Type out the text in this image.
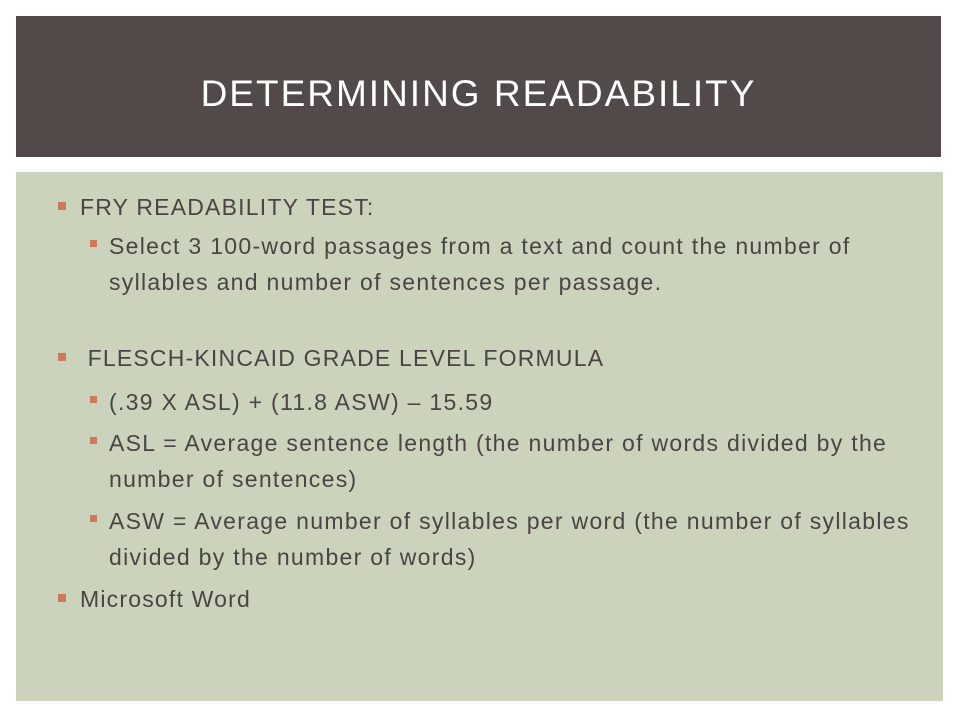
DETERMINING READABILITY
FRY READABILITY TEST:
Select 3 100-word passages from a text and count the number of syllables and number of sentences per passage.
FLESCH-KINCAID GRADE LEVEL FORMULA
(.39 X ASL) + (11.8 ASW) – 15.59
ASL = Average sentence length (the number of words divided by the number of sentences)
ASW = Average number of syllables per word (the number of syllables divided by the number of words)
Microsoft Word
